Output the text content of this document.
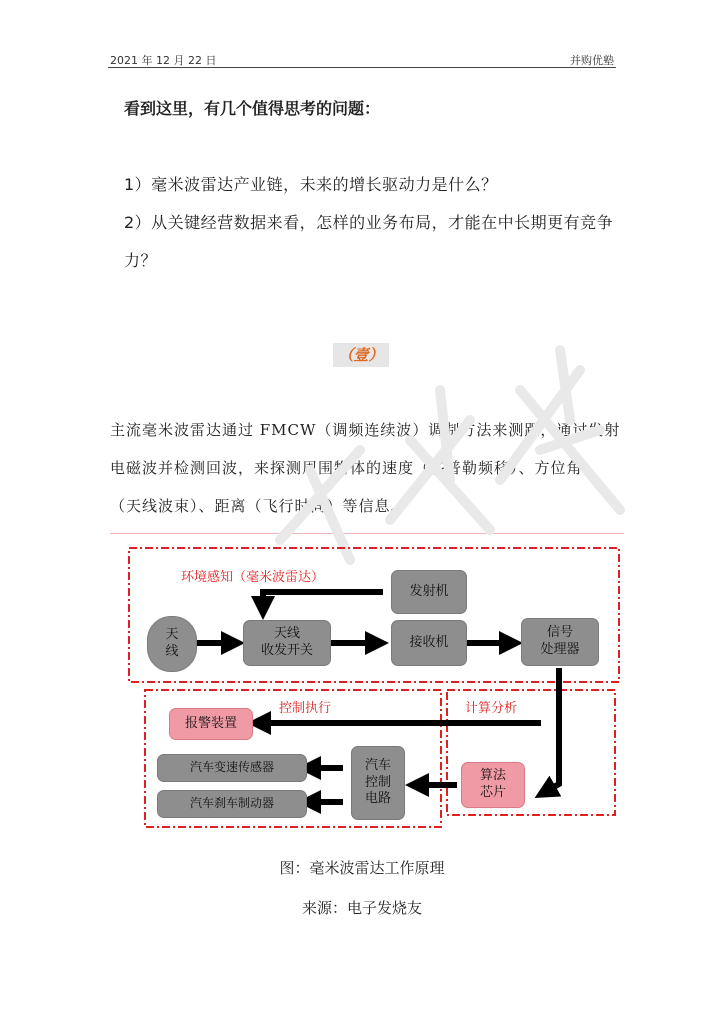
2021 年 12 月 22 日	并购优塾
看到这里，有几个值得思考的问题：
1）毫米波雷达产业链，未来的增长驱动力是什么？
2）从关键经营数据来看，怎样的业务布局，才能在中长期更有竞争
力？
（壹）
主流毫米波雷达通过 FMCW（调频连续波）调制方法来测距，通过发射
电磁波并检测回波，来探测周围物体的速度（多普勒频移）、方位角
（天线波束）、距离（飞行时间）等信息。
环境感知（毫米波雷达）
控制执行	计算分析
发射机
天
线
天线
收发开关
接收机
信号
处理器
报警装置
汽车变速传感器
汽车刹车制动器
汽车
控制
电路
算法
芯片
图：毫米波雷达工作原理
来源：电子发烧友
